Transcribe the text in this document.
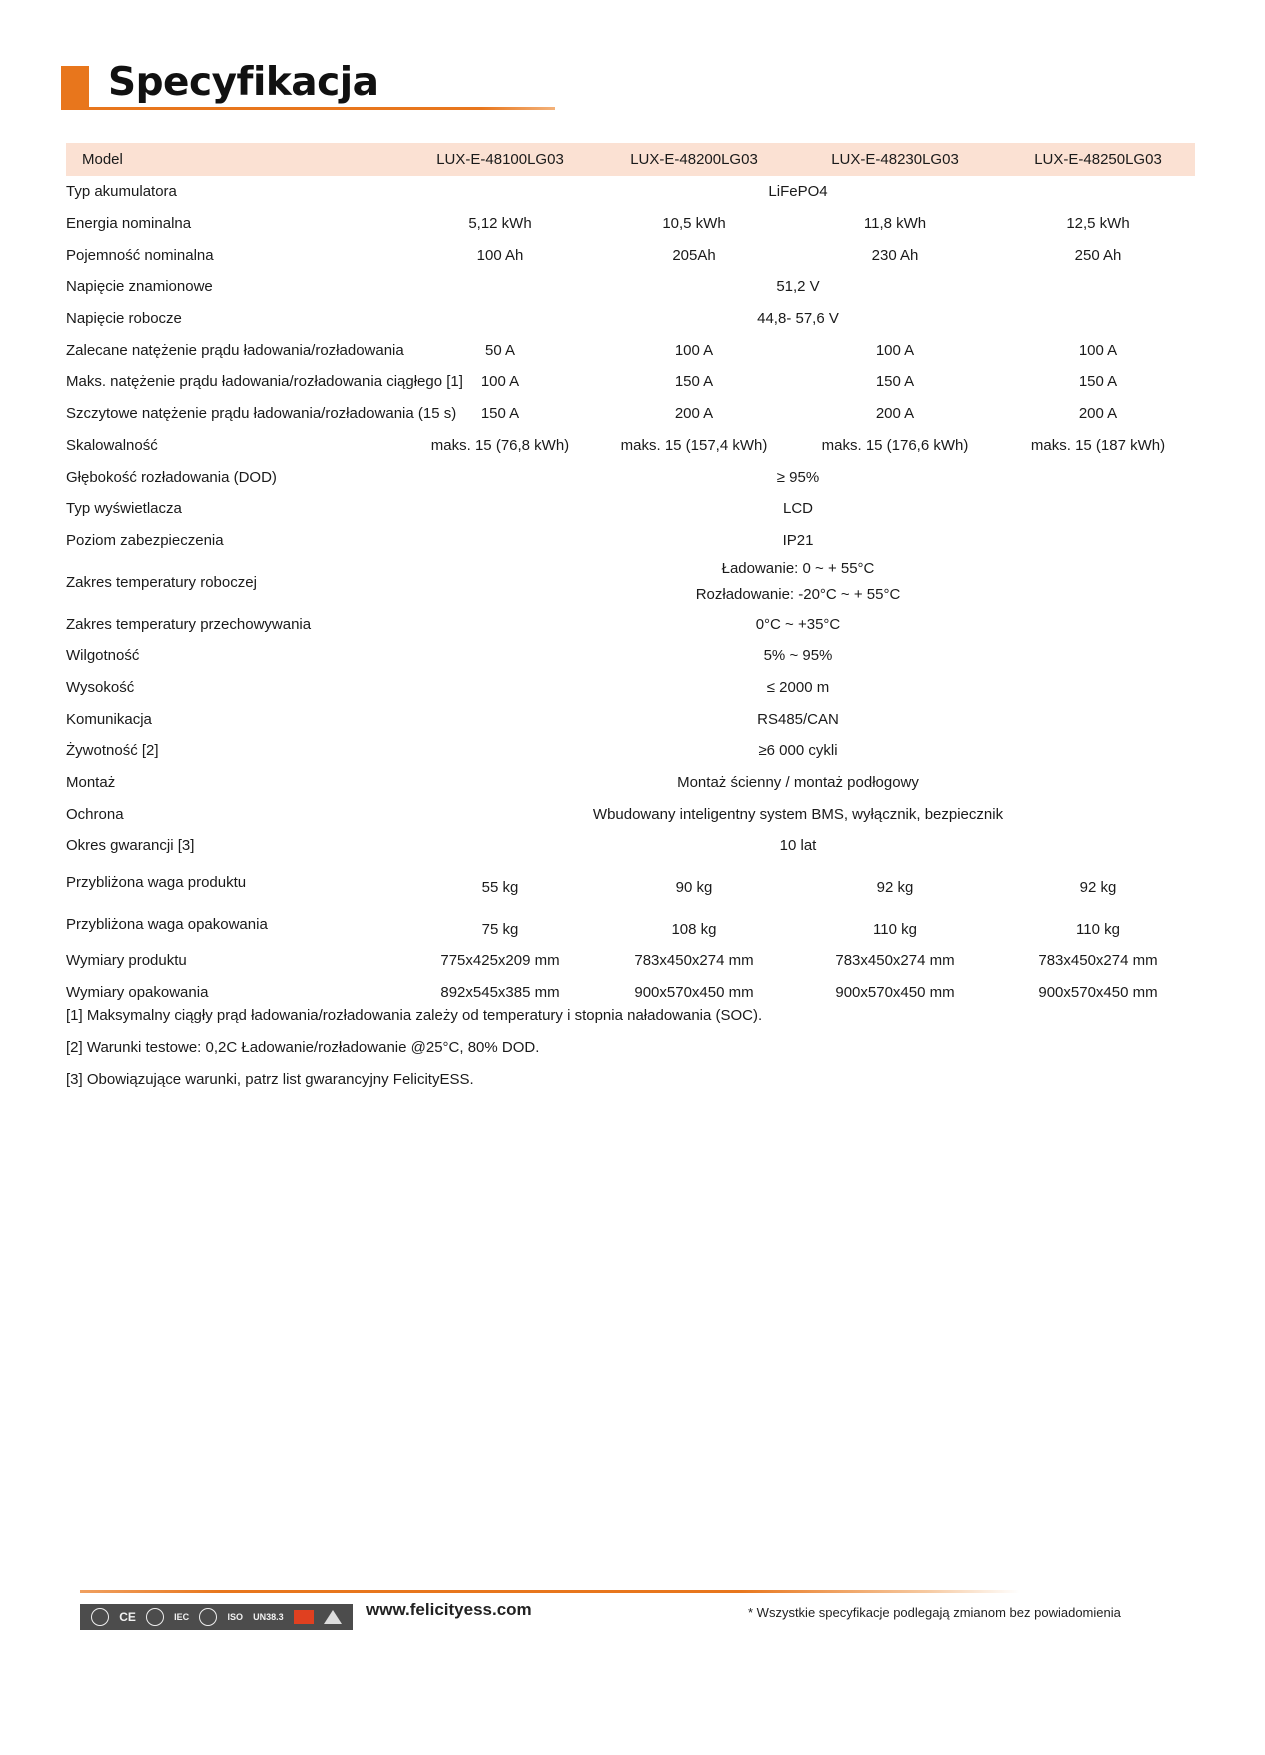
Specyfikacja
Model	LUX-E-48100LG03	LUX-E-48200LG03	LUX-E-48230LG03	LUX-E-48250LG03
Typ akumulatora	LiFePO4			
Energia nominalna	5,12 kWh	10,5 kWh	11,8 kWh	12,5 kWh
Pojemność nominalna	100 Ah	205Ah	230 Ah	250 Ah
Napięcie znamionowe	51,2 V			
Napięcie robocze	44,8- 57,6 V			
Zalecane natężenie prądu ładowania/rozładowania	50 A	100 A	100 A	100 A
Maks. natężenie prądu ładowania/rozładowania ciągłego [1]	100 A	150 A	150 A	150 A
Szczytowe natężenie prądu ładowania/rozładowania (15 s)	150 A	200 A	200 A	200 A
Skalowalność	maks. 15 (76,8 kWh)	maks. 15 (157,4 kWh)	maks. 15 (176,6 kWh)	maks. 15 (187 kWh)
Głębokość rozładowania (DOD)	≥ 95%			
Typ wyświetlacza	LCD			
Poziom zabezpieczenia	IP21			
Zakres temperatury roboczej	Ładowanie: 0 ~ + 55°C
Rozładowanie: -20°C ~ + 55°C			

Zakres temperatury przechowywania	0°C ~ +35°C			
Wilgotność	5% ~ 95%			
Wysokość	≤ 2000 m			
Komunikacja	RS485/CAN			
Żywotność [2]	≥6 000 cykli			
Montaż	Montaż ścienny / montaż podłogowy			
Ochrona	Wbudowany inteligentny system BMS, wyłącznik, bezpiecznik			
Okres gwarancji [3]	10 lat			
Przybliżona waga produktu	55 kg	90 kg	92 kg	92 kg
Przybliżona waga opakowania	75 kg	108 kg	110 kg	110 kg
Wymiary produktu	775x425x209 mm	783x450x274 mm	783x450x274 mm	783x450x274 mm
Wymiary opakowania	892x545x385 mm	900x570x450 mm	900x570x450 mm	900x570x450 mm

[1] Maksymalny ciągły prąd ładowania/rozładowania zależy od temperatury i stopnia naładowania (SOC).

[2] Warunki testowe: 0,2C Ładowanie/rozładowanie @25°C, 80% DOD.

[3] Obowiązujące warunki, patrz list gwarancyjny FelicityESS.

CE	IEC	ISO UN38.3	www.felicityess.com	* Wszystkie specyfikacje podlegają zmianom bez powiadomienia
